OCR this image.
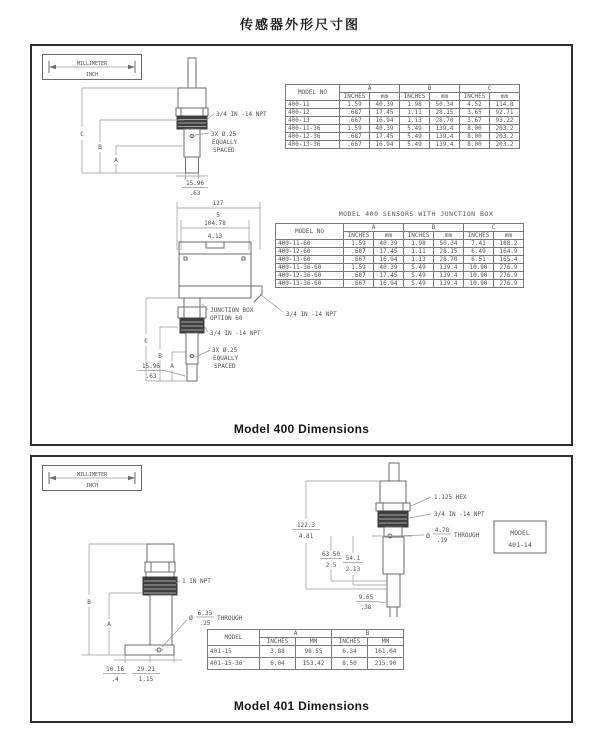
传感器外形尺寸图
MILLIMETER
INCH
C
B
A
15.96
.63
3/4 IN -14 NPT
3X Ø.25
EQUALLY
SPACED
127
5
104.78
4.13
C
B
A
15.96
.63
JUNCTION BOX
OPTION 60
3/4 IN -14 NPT
3/4 IN -14 NPT
3X Ø.25
EQUALLY
SPACED
MODEL NO	A		B		C	
	INCHES	mm	INCHES	mm	INCHES	mm
400-11	1.59	40.39	1.98	50.34	4.52	114.8
400-12	.687	17.45	1.11	28.15	3.65	92.71
400-13	.667	16.94	1.13	28.70	3.67	93.22
400-11-36	1.59	40.39	5.49	139.4	8.00	203.2
400-12-36	.687	17.45	5.49	139.4	8.00	203.2
400-13-36	.667	16.94	5.49	139.4	8.00	203.2
MODEL 400 SENSORS WITH JUNCTION BOX
MODEL NO	A		B		C	
	INCHES	mm	INCHES	mm	INCHES	mm
400-11-60	1.59	40.39	1.98	50.34	7.41	188.2
400-12-60	.687	17.45	1.11	28.15	6.49	164.9
400-13-60	.667	16.94	1.13	28.70	6.51	165.4
400-11-36-60	1.59	40.39	5.49	139.4	10.90	276.9
400-12-36-60	.687	17.45	5.49	139.4	10.90	276.9
400-13-36-60	.667	16.94	5.49	139.4	10.90	276.9
Model 400 Dimensions
MILLIMETER
INCH
B
A
10.16
.4
29.21
1.15
1 IN NPT
Ø
6.35
.25
THROUGH
122.3
4.81
63.50
2.5
54.1
2.13
9.65
.38
1.125 HEX
3/4 IN -14 NPT
Ø
4.78
.19
THROUGH	MODEL
401-14
MODEL	A		B	
	INCHES	MM	INCHES	MM
401-15	3.88	98.55	6.34	161.04
401-15-36	6.04	153.42	8.50	215.90
Model 401 Dimensions
